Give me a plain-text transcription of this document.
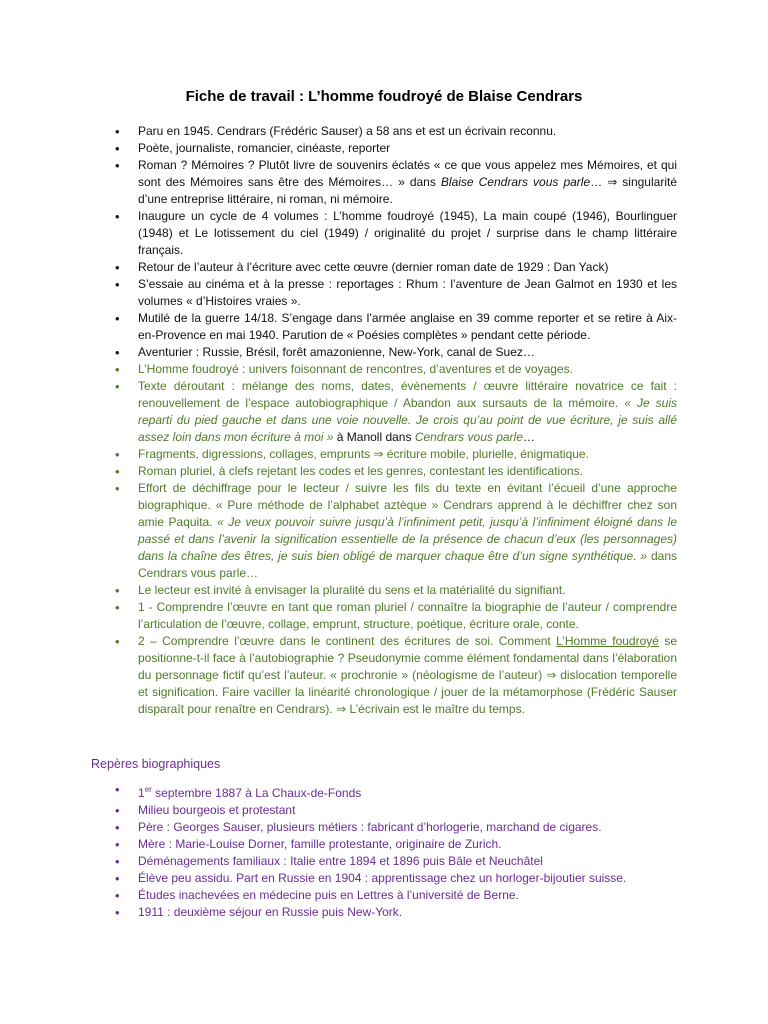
Fiche de travail : L’homme foudroyé de Blaise Cendrars
• Paru en 1945. Cendrars (Frédéric Sauser) a 58 ans et est un écrivain reconnu.
• Poète, journaliste, romancier, cinéaste, reporter
• Roman ? Mémoires ? Plutôt livre de souvenirs éclatés « ce que vous appelez mes Mémoires, et qui sont des Mémoires sans être des Mémoires… » dans Blaise Cendrars vous parle… ⇒ singularité d’une entreprise littéraire, ni roman, ni mémoire.
• Inaugure un cycle de 4 volumes : L’homme foudroyé (1945), La main coupé (1946), Bourlinguer (1948) et Le lotissement du ciel (1949) / originalité du projet / surprise dans le champ littéraire français.
• Retour de l’auteur à l’écriture avec cette œuvre (dernier roman date de 1929 : Dan Yack)
• S’essaie au cinéma et à la presse : reportages : Rhum : l’aventure de Jean Galmot en 1930 et les volumes « d’Histoires vraies ».
• Mutilé de la guerre 14/18. S’engage dans l’armée anglaise en 39 comme reporter et se retire à Aix-en-Provence en mai 1940. Parution de « Poésies complètes » pendant cette période.
• Aventurier : Russie, Brésil, forêt amazonienne, New-York, canal de Suez…
• L’Homme foudroyé : univers foisonnant de rencontres, d’aventures et de voyages.
• Texte déroutant : mélange des noms, dates, évènements / œuvre littéraire novatrice ce fait : renouvellement de l’espace autobiographique / Abandon aux sursauts de la mémoire. « Je suis reparti du pied gauche et dans une voie nouvelle. Je crois qu’au point de vue écriture, je suis allé assez loin dans mon écriture à moi » à Manoll dans Cendrars vous parle…
• Fragments, digressions, collages, emprunts ⇒ écriture mobile, plurielle, énigmatique.
• Roman pluriel, à clefs rejetant les codes et les genres, contestant les identifications.
• Effort de déchiffrage pour le lecteur / suivre les fils du texte en évitant l’écueil d’une approche biographique. « Pure méthode de l’alphabet aztèque » Cendrars apprend à le déchiffrer chez son amie Paquita. « Je veux pouvoir suivre jusqu’à l’infiniment petit, jusqu’à l’infiniment éloigné dans le passé et dans l’avenir la signification essentielle de la présence de chacun d’eux (les personnages) dans la chaîne des êtres, je suis bien obligé de marquer chaque être d’un signe synthétique. » dans Cendrars vous parle…
• Le lecteur est invité à envisager la pluralité du sens et la matérialité du signifiant.
• 1 - Comprendre l’œuvre en tant que roman pluriel / connaître la biographie de l’auteur / comprendre l’articulation de l’œuvre, collage, emprunt, structure, poétique, écriture orale, conte.
• 2 – Comprendre l’œuvre dans le continent des écritures de soi. Comment L’Homme foudroyé se positionne-t-il face à l’autobiographie ? Pseudonymie comme élément fondamental dans l’élaboration du personnage fictif qu’est l’auteur. « prochronie » (néologisme de l’auteur) ⇒ dislocation temporelle et signification. Faire vaciller la linéarité chronologique / jouer de la métamorphose (Frédéric Sauser disparaît pour renaître en Cendrars). ⇒ L’écrivain est le maître du temps.
Repères biographiques
• 1er septembre 1887 à La Chaux-de-Fonds
• Milieu bourgeois et protestant
• Père : Georges Sauser, plusieurs métiers : fabricant d’horlogerie, marchand de cigares.
• Mère : Marie-Louise Dorner, famille protestante, originaire de Zurich.
• Déménagements familiaux : Italie entre 1894 et 1896 puis Bâle et Neuchâtel
• Élève peu assidu. Part en Russie en 1904 : apprentissage chez un horloger-bijoutier suisse.
• Études inachevées en médecine puis en Lettres à l’université de Berne.
• 1911 : deuxième séjour en Russie puis New-York.
